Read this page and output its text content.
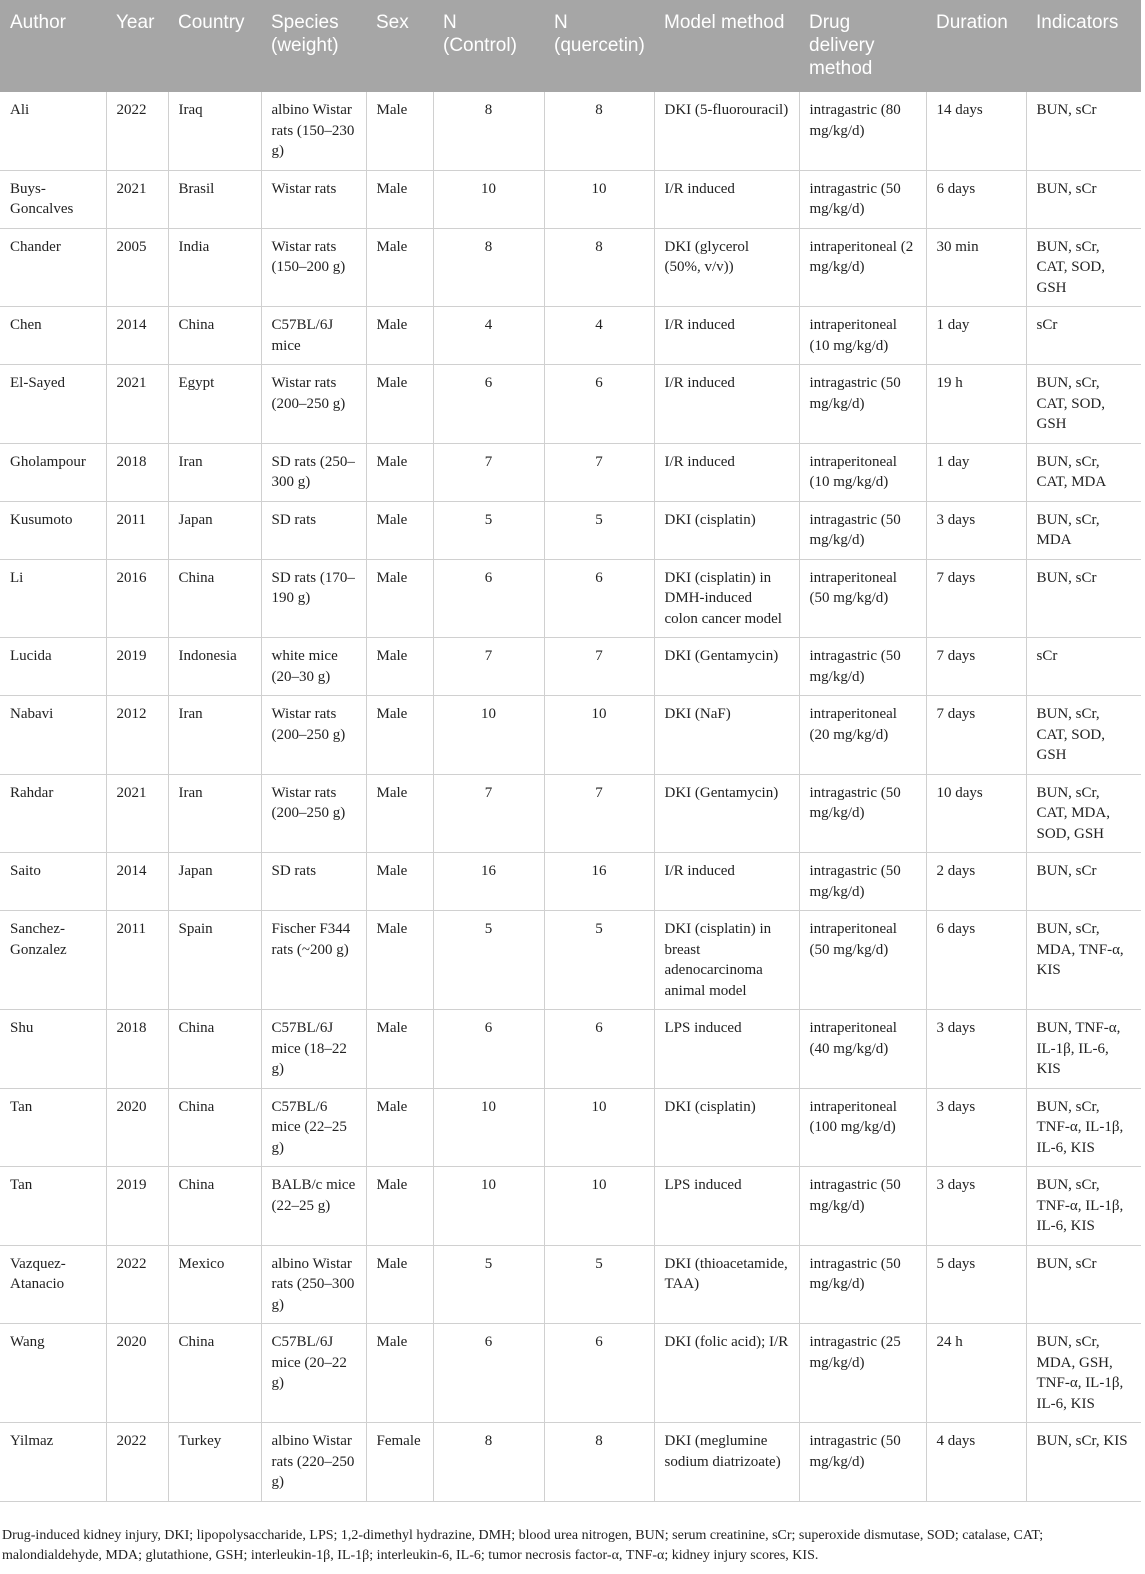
Author	Year	Country	Species (weight)	Sex	N (Control)	N (quercetin)	Model method	Drug delivery method	Duration	Indicators
Ali	2022	Iraq	albino Wistar rats (150–230 g)	Male	8	8	DKI (5-fluorouracil)	intragastric (80 mg/kg/d)	14 days	BUN, sCr
Buys-Goncalves	2021	Brasil	Wistar rats	Male	10	10	I/R induced	intragastric (50 mg/kg/d)	6 days	BUN, sCr
Chander	2005	India	Wistar rats (150–200 g)	Male	8	8	DKI (glycerol (50%, v/v))	intraperitoneal (2 mg/kg/d)	30 min	BUN, sCr, CAT, SOD, GSH
Chen	2014	China	C57BL/6J mice	Male	4	4	I/R induced	intraperitoneal (10 mg/kg/d)	1 day	sCr
El-Sayed	2021	Egypt	Wistar rats (200–250 g)	Male	6	6	I/R induced	intragastric (50 mg/kg/d)	19 h	BUN, sCr, CAT, SOD, GSH
Gholampour	2018	Iran	SD rats (250–300 g)	Male	7	7	I/R induced	intraperitoneal (10 mg/kg/d)	1 day	BUN, sCr, CAT, MDA
Kusumoto	2011	Japan	SD rats	Male	5	5	DKI (cisplatin)	intragastric (50 mg/kg/d)	3 days	BUN, sCr, MDA
Li	2016	China	SD rats (170–190 g)	Male	6	6	DKI (cisplatin) in DMH-induced colon cancer model	intraperitoneal (50 mg/kg/d)	7 days	BUN, sCr
Lucida	2019	Indonesia	white mice (20–30 g)	Male	7	7	DKI (Gentamycin)	intragastric (50 mg/kg/d)	7 days	sCr
Nabavi	2012	Iran	Wistar rats (200–250 g)	Male	10	10	DKI (NaF)	intraperitoneal (20 mg/kg/d)	7 days	BUN, sCr, CAT, SOD, GSH
Rahdar	2021	Iran	Wistar rats (200–250 g)	Male	7	7	DKI (Gentamycin)	intragastric (50 mg/kg/d)	10 days	BUN, sCr, CAT, MDA, SOD, GSH
Saito	2014	Japan	SD rats	Male	16	16	I/R induced	intragastric (50 mg/kg/d)	2 days	BUN, sCr
Sanchez-Gonzalez	2011	Spain	Fischer F344 rats (~200 g)	Male	5	5	DKI (cisplatin) in breast adenocarcinoma animal model	intraperitoneal (50 mg/kg/d)	6 days	BUN, sCr, MDA, TNF-α, KIS
Shu	2018	China	C57BL/6J mice (18–22 g)	Male	6	6	LPS induced	intraperitoneal (40 mg/kg/d)	3 days	BUN, TNF-α, IL-1β, IL-6, KIS
Tan	2020	China	C57BL/6 mice (22–25 g)	Male	10	10	DKI (cisplatin)	intraperitoneal (100 mg/kg/d)	3 days	BUN, sCr, TNF-α, IL-1β, IL-6, KIS
Tan	2019	China	BALB/c mice (22–25 g)	Male	10	10	LPS induced	intragastric (50 mg/kg/d)	3 days	BUN, sCr, TNF-α, IL-1β, IL-6, KIS
Vazquez-Atanacio	2022	Mexico	albino Wistar rats (250–300 g)	Male	5	5	DKI (thioacetamide, TAA)	intragastric (50 mg/kg/d)	5 days	BUN, sCr
Wang	2020	China	C57BL/6J mice (20–22 g)	Male	6	6	DKI (folic acid); I/R	intragastric (25 mg/kg/d)	24 h	BUN, sCr, MDA, GSH, TNF-α, IL-1β, IL-6, KIS
Yilmaz	2022	Turkey	albino Wistar rats (220–250 g)	Female	8	8	DKI (meglumine sodium diatrizoate)	intragastric (50 mg/kg/d)	4 days	BUN, sCr, KIS
Drug-induced kidney injury, DKI; lipopolysaccharide, LPS; 1,2-dimethyl hydrazine, DMH; blood urea nitrogen, BUN; serum creatinine, sCr; superoxide dismutase, SOD; catalase, CAT; malondialdehyde, MDA; glutathione, GSH; interleukin-1β, IL-1β; interleukin-6, IL-6; tumor necrosis factor-α, TNF-α; kidney injury scores, KIS.
